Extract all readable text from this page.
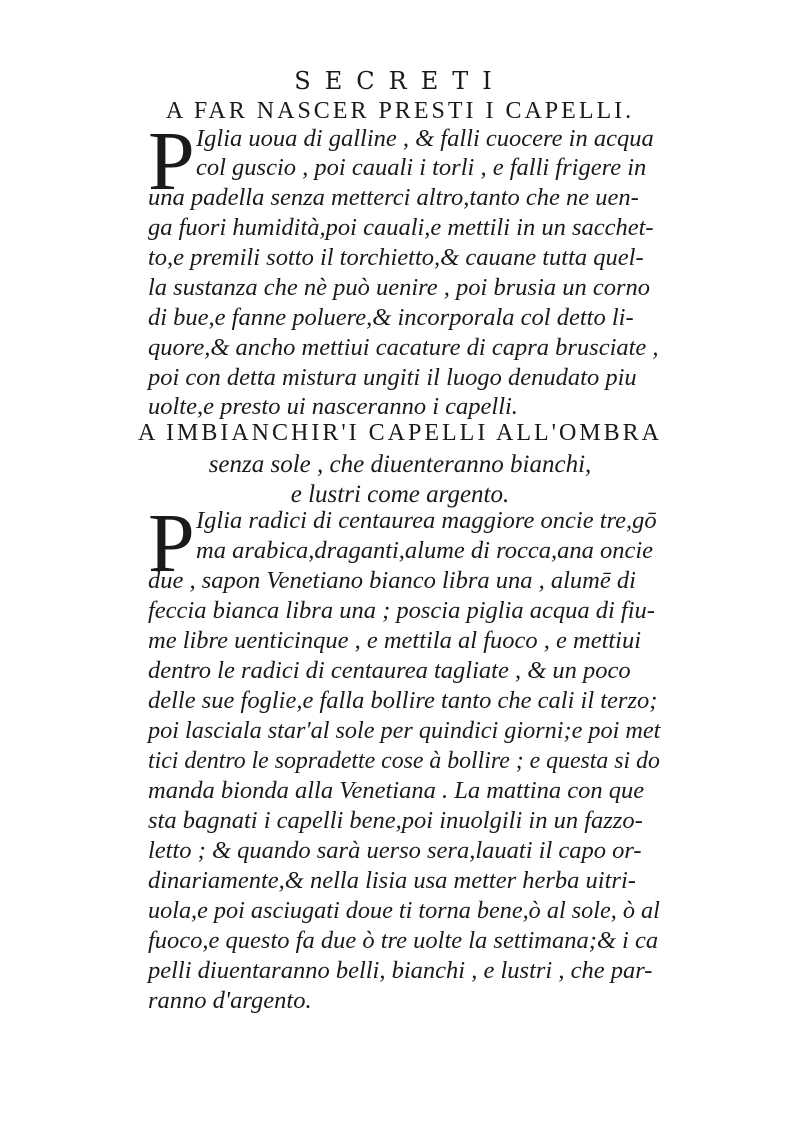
SECRETI
A FAR NASCER PRESTI I CAPELLI.
P Iglia uoua di galline , & falli cuocere in acqua
col guscio , poi cauali i torli , e falli frigere in
una padella senza metterci altro,tanto che ne uen-
ga fuori humidità,poi cauali,e mettili in un sacchet-
to,e premili sotto il torchietto,& cauane tutta quel-
la sustanza che nè può uenire , poi brusia un corno
di bue,e fanne poluere,& incorporala col detto li-
quore,& ancho mettiui cacature di capra brusciate ,
poi con detta mistura ungiti il luogo denudato piu
uolte,e presto ui nasceranno i capelli.
A IMBIANCHIR'I CAPELLI ALL'OMBRA
senza sole , che diuenteranno bianchi,
e lustri come argento.
P Iglia radici di centaurea maggiore oncie tre,gō
ma arabica,draganti,alume di rocca,ana oncie
due , sapon Venetiano bianco libra una , alumē di
feccia bianca libra una ; poscia piglia acqua di fiu-
me libre uenticinque , e mettila al fuoco , e mettiui
dentro le radici di centaurea tagliate , & un poco
delle sue foglie,e falla bollire tanto che cali il terzo;
poi lasciala star'al sole per quindici giorni;e poi met
tici dentro le sopradette cose à bollire ; e questa si do
manda bionda alla Venetiana . La mattina con que
sta bagnati i capelli bene,poi inuolgili in un fazzo-
letto ; & quando sarà uerso sera,lauati il capo or-
dinariamente,& nella lisia usa metter herba uitri-
uola,e poi asciugati doue ti torna bene,ò al sole, ò al
fuoco,e questo fa due ò tre uolte la settimana;& i ca
pelli diuentaranno belli, bianchi , e lustri , che par-
ranno d'argento.
